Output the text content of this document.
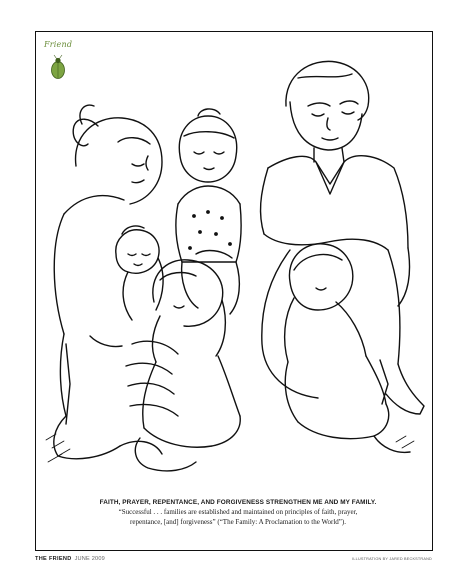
Friend
FAITH, PRAYER, REPENTANCE, AND FORGIVENESS STRENGTHEN ME AND MY FAMILY.
“Successful . . . families are established and maintained on principles of faith, prayer,
repentance, [and] forgiveness” (“The Family: A Proclamation to the World”).
THE FRIEND JUNE 2009	ILLUSTRATION BY JARED BECKSTRAND
